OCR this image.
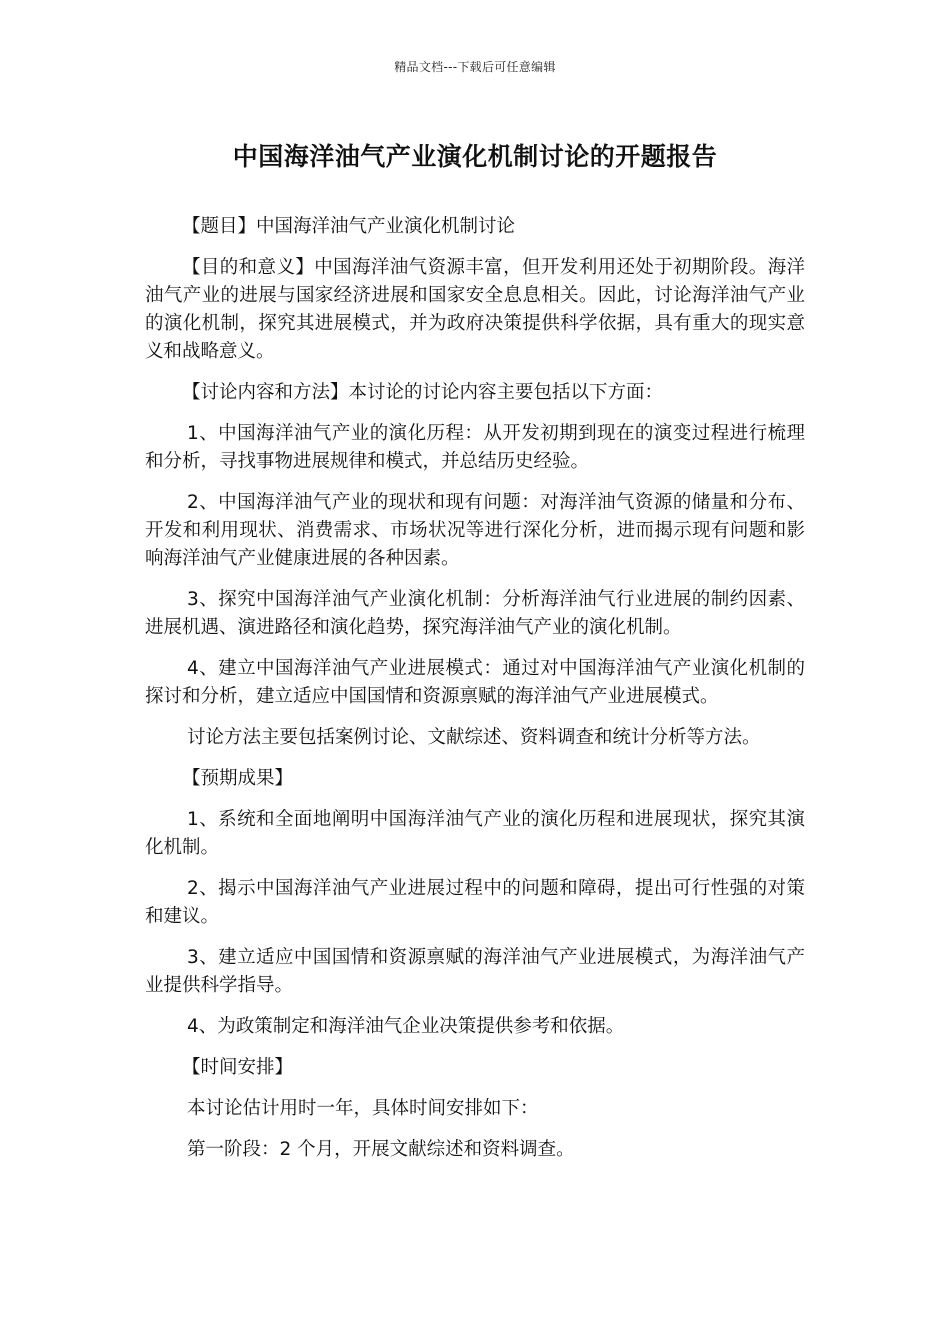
精品文档---下载后可任意编辑
中国海洋油气产业演化机制讨论的开题报告

【题目】中国海洋油气产业演化机制讨论

【目的和意义】中国海洋油气资源丰富，但开发利用还处于初期阶段。海洋油气产业的进展与国家经济进展和国家安全息息相关。因此，讨论海洋油气产业的演化机制，探究其进展模式，并为政府决策提供科学依据，具有重大的现实意义和战略意义。

【讨论内容和方法】本讨论的讨论内容主要包括以下方面：

1、中国海洋油气产业的演化历程：从开发初期到现在的演变过程进行梳理和分析，寻找事物进展规律和模式，并总结历史经验。

2、中国海洋油气产业的现状和现有问题：对海洋油气资源的储量和分布、开发和利用现状、消费需求、市场状况等进行深化分析，进而揭示现有问题和影响海洋油气产业健康进展的各种因素。

3、探究中国海洋油气产业演化机制：分析海洋油气行业进展的制约因素、进展机遇、演进路径和演化趋势，探究海洋油气产业的演化机制。

4、建立中国海洋油气产业进展模式：通过对中国海洋油气产业演化机制的探讨和分析，建立适应中国国情和资源禀赋的海洋油气产业进展模式。

讨论方法主要包括案例讨论、文献综述、资料调查和统计分析等方法。

【预期成果】

1、系统和全面地阐明中国海洋油气产业的演化历程和进展现状，探究其演化机制。

2、揭示中国海洋油气产业进展过程中的问题和障碍，提出可行性强的对策和建议。

3、建立适应中国国情和资源禀赋的海洋油气产业进展模式，为海洋油气产业提供科学指导。

4、为政策制定和海洋油气企业决策提供参考和依据。

【时间安排】

本讨论估计用时一年，具体时间安排如下：

第一阶段：2 个月，开展文献综述和资料调查。
